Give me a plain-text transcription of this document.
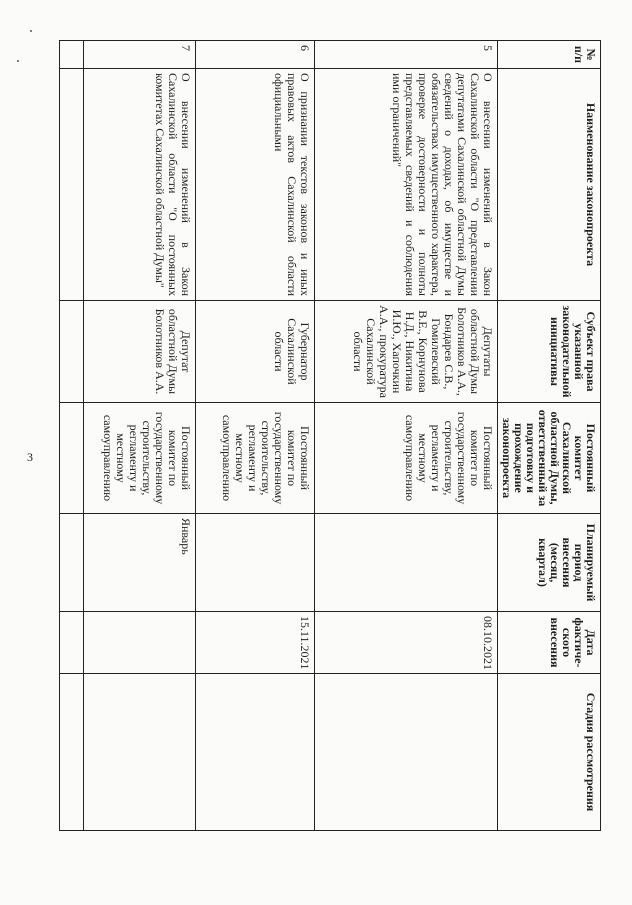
3
№ п/п	Наименование законопроекта	Субъект права указанной законодательной инициативы	Постоянный комитет Сахалинской областной Думы, ответственный за подготовку и прохождение законопроекта	Планируемый период внесения (месяц, квартал)	Дата фактиче-ского внесения	Стадия рассмотрения
5	О внесении изменений в Закон Сахалинской области "О представлении депутатами Сахалинской областной Думы сведений о доходах, об имуществе и обязательствах имущественного характера, проверке достоверности и полноты представляемых сведений и соблюдения ими ограничений"	Депутаты областной Думы Болотников А.А., Бондарев С.В., Гомилевский В.Е., Корнунова Н.Д., Никитина И.Ю., Хапочкин А.А., прокуратура Сахалинской области	Постоянный комитет по государственному строительству, регламенту и местному самоуправлению		08.10.2021	
6	О признании текстов законов и иных правовых актов Сахалинской области официальными	Губернатор Сахалинской области	Постоянный комитет по государственному строительству, регламенту и местному самоуправлению		15.11.2021	
7	О внесении изменений в Закон Сахалинской области "О постоянных комитетах Сахалинской областной Думы"	Депутат областной Думы Болотников А.А.	Постоянный комитет по государственному строительству, регламенту и местному самоуправлению	Январь		
